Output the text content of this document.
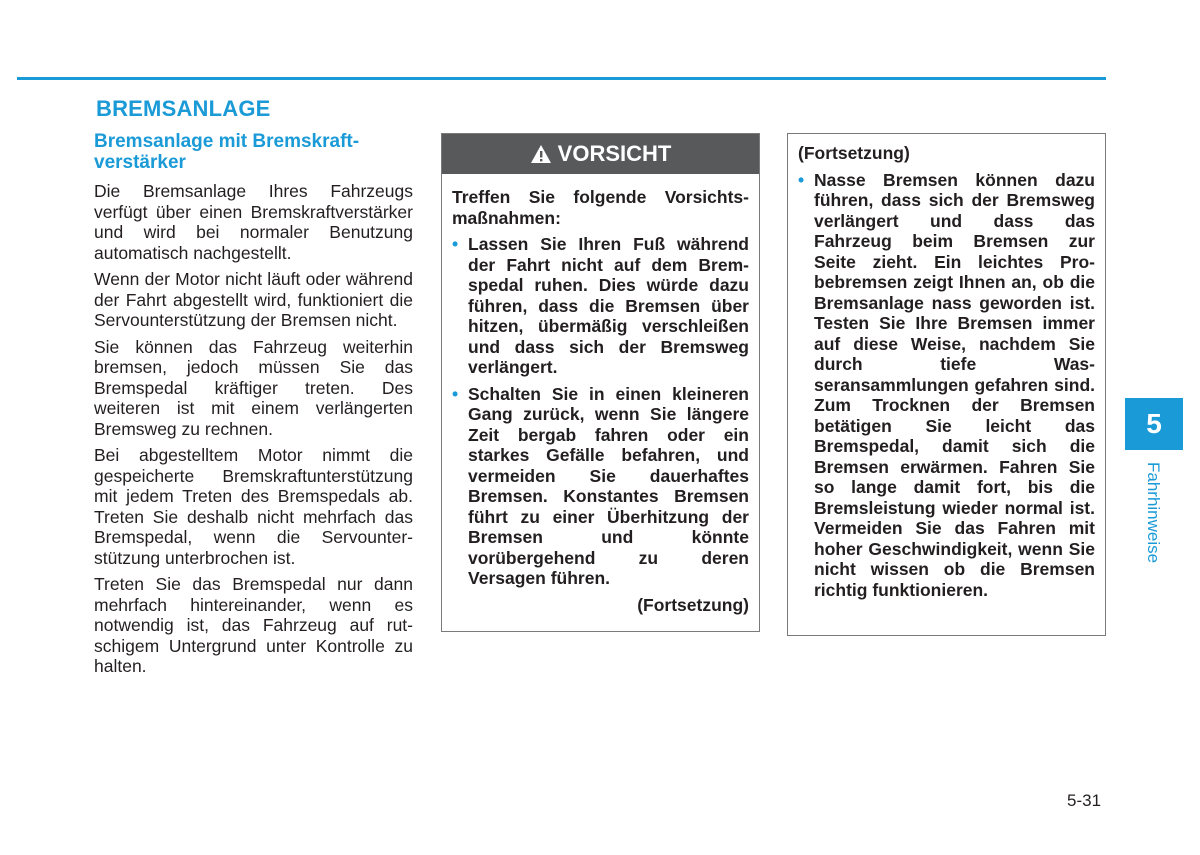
BREMSANLAGE
Bremsanlage mit Bremskraft-
verstärker

Die Bremsanlage Ihres Fahrzeugs verfügt über einen Bremskraftverstärker und wird bei normaler Benutzung automatisch nachgestellt.

Wenn der Motor nicht läuft oder während der Fahrt abgestellt wird, funktioniert die Servounterstützung der Bremsen nicht.

Sie können das Fahrzeug weiterhin bremsen, jedoch müssen Sie das Bremspedal kräftiger treten. Des weiteren ist mit einem verlängerten Bremsweg zu rechnen.

Bei abgestelltem Motor nimmt die gespeicherte Bremskraftunterstützung mit jedem Treten des Bremspedals ab. Treten Sie deshalb nicht mehrfach das Bremspedal, wenn die Servounter-stützung unterbrochen ist.

Treten Sie das Bremspedal nur dann mehrfach hintereinander, wenn es notwendig ist, das Fahrzeug auf rutschigem Untergrund unter Kontrolle zu halten.

VORSICHT

Treffen Sie folgende Vorsichtsmaßnahmen:

• Lassen Sie Ihren Fuß während der Fahrt nicht auf dem Bremspedal ruhen. Dies würde dazu führen, dass die Bremsen über hitzen, übermäßig verschleißen und dass sich der Bremsweg verlängert.

• Schalten Sie in einen kleineren Gang zurück, wenn Sie längere Zeit bergab fahren oder ein starkes Gefälle befahren, und vermeiden Sie dauerhaftes Bremsen. Konstantes Bremsen führt zu einer Überhitzung der Bremsen und könnte vorübergehend zu deren Versagen führen.

(Fortsetzung)

(Fortsetzung)

• Nasse Bremsen können dazu führen, dass sich der Bremsweg verlängert und dass das Fahrzeug beim Bremsen zur Seite zieht. Ein leichtes Probebremsen zeigt Ihnen an, ob die Bremsanlage nass geworden ist. Testen Sie Ihre Bremsen immer auf diese Weise, nachdem Sie durch tiefe Wasseransammlungen gefahren sind. Zum Trocknen der Bremsen betätigen Sie leicht das Bremspedal, damit sich die Bremsen erwärmen. Fahren Sie so lange damit fort, bis die Bremsleistung wieder normal ist. Vermeiden Sie das Fahren mit hoher Geschwindigkeit, wenn Sie nicht wissen ob die Bremsen richtig funktionieren.

5
Fahrhinweise
5-31
